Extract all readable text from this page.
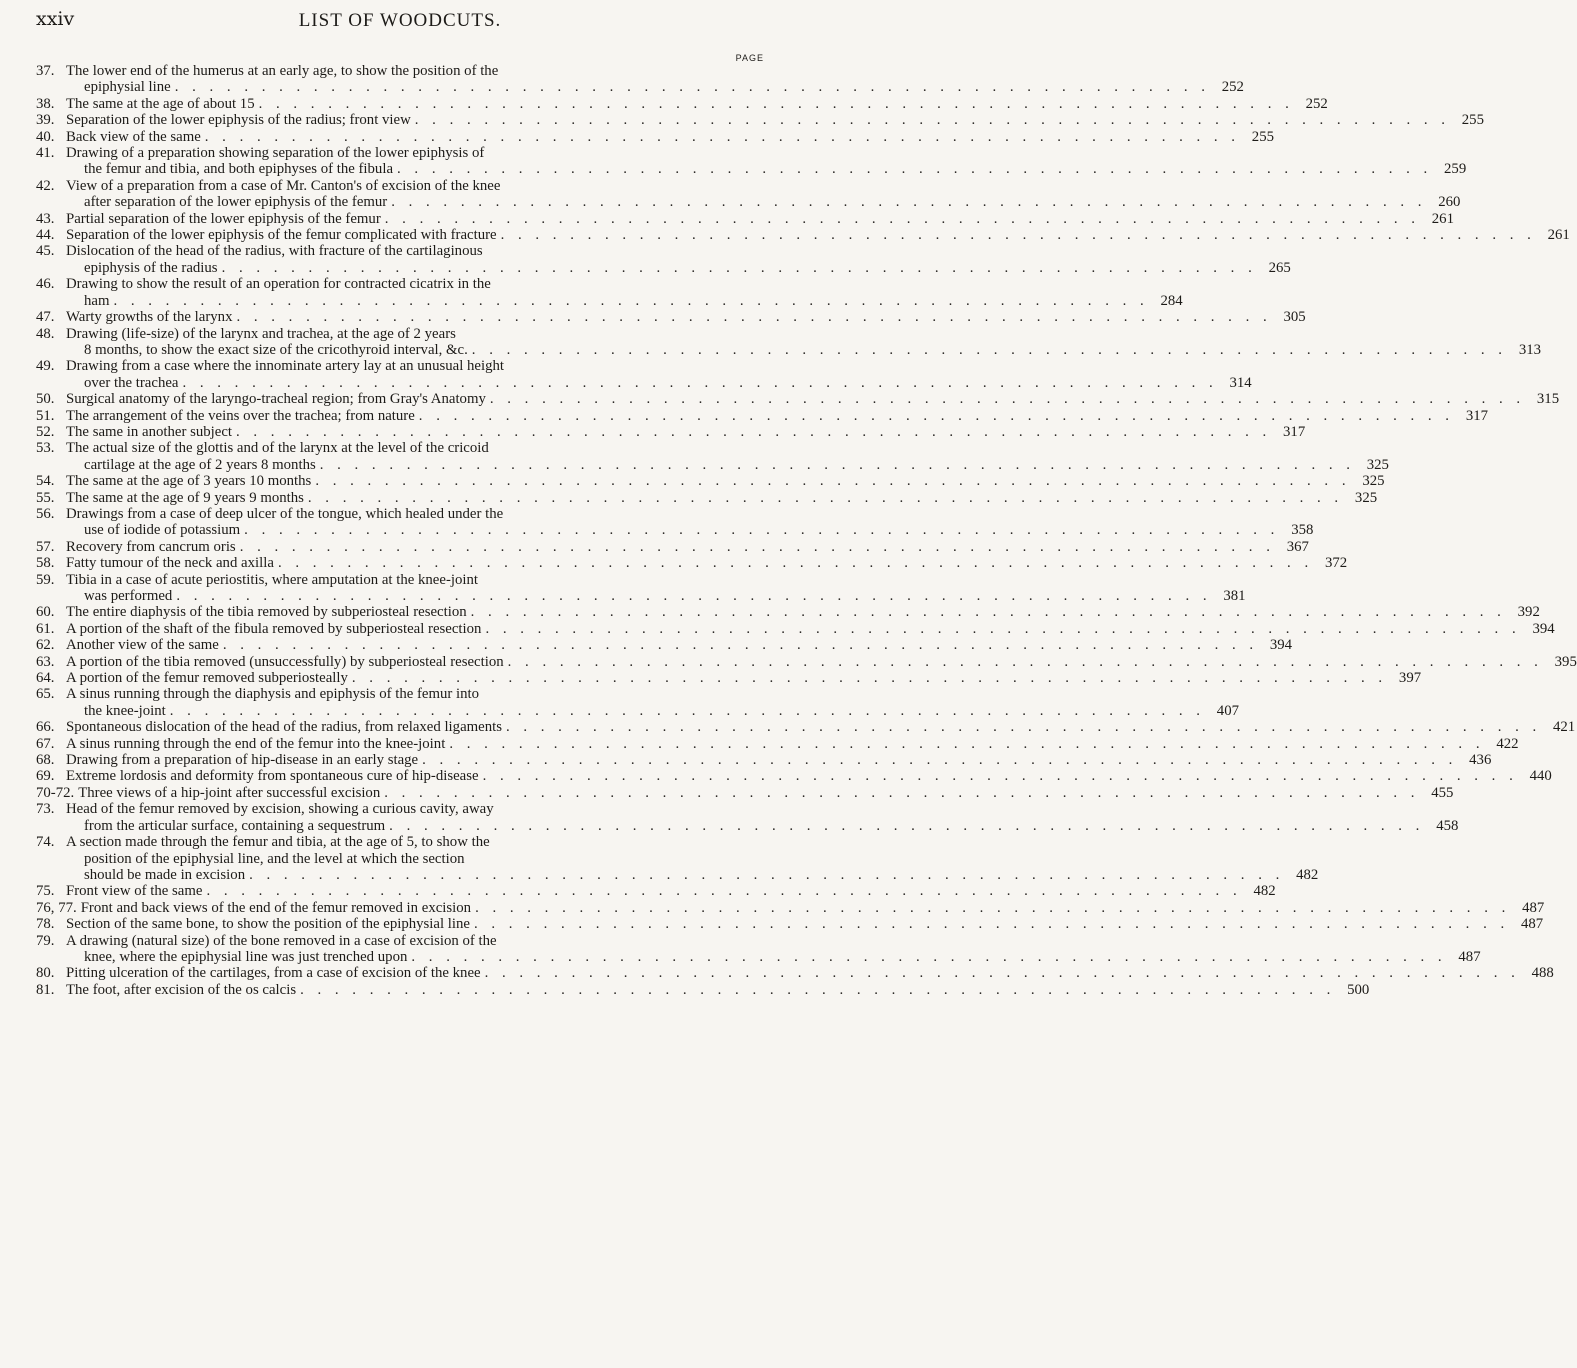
xxiv	LIST OF WOODCUTS.
PAGE
37. The lower end of the humerus at an early age, to show the position of the
epiphysial line . . . . . . . . . . . . . . . . . . . . . . . . . . . . . . . . . . . . . . . . . . . . . . . . . . . . . . . . . . . . 252
38. The same at the age of about 15 . . . . . . . . . . . . . . . . . . . . . . . . . . . . . . . . . . . . . . . . . . . . . . . . . . . . . . . . . . . . 252
39. Separation of the lower epiphysis of the radius; front view . . . . . . . . . . . . . . . . . . . . . . . . . . . . . . . . . . . . . . . . . . . . . . . . . . . . . . . . . . . . 255
40. Back view of the same . . . . . . . . . . . . . . . . . . . . . . . . . . . . . . . . . . . . . . . . . . . . . . . . . . . . . . . . . . . . 255
41. Drawing of a preparation showing separation of the lower epiphysis of
the femur and tibia, and both epiphyses of the fibula . . . . . . . . . . . . . . . . . . . . . . . . . . . . . . . . . . . . . . . . . . . . . . . . . . . . . . . . . . . . 259
42. View of a preparation from a case of Mr. Canton's of excision of the knee
after separation of the lower epiphysis of the femur . . . . . . . . . . . . . . . . . . . . . . . . . . . . . . . . . . . . . . . . . . . . . . . . . . . . . . . . . . . . 260
43. Partial separation of the lower epiphysis of the femur . . . . . . . . . . . . . . . . . . . . . . . . . . . . . . . . . . . . . . . . . . . . . . . . . . . . . . . . . . . . 261
44. Separation of the lower epiphysis of the femur complicated with fracture . . . . . . . . . . . . . . . . . . . . . . . . . . . . . . . . . . . . . . . . . . . . . . . . . . . . . . . . . . . . 261
45. Dislocation of the head of the radius, with fracture of the cartilaginous
epiphysis of the radius . . . . . . . . . . . . . . . . . . . . . . . . . . . . . . . . . . . . . . . . . . . . . . . . . . . . . . . . . . . . 265
46. Drawing to show the result of an operation for contracted cicatrix in the
ham . . . . . . . . . . . . . . . . . . . . . . . . . . . . . . . . . . . . . . . . . . . . . . . . . . . . . . . . . . . . 284
47. Warty growths of the larynx . . . . . . . . . . . . . . . . . . . . . . . . . . . . . . . . . . . . . . . . . . . . . . . . . . . . . . . . . . . . 305
48. Drawing (life-size) of the larynx and trachea, at the age of 2 years
8 months, to show the exact size of the cricothyroid interval, &c. . . . . . . . . . . . . . . . . . . . . . . . . . . . . . . . . . . . . . . . . . . . . . . . . . . . . . . . . . . . . 313
49. Drawing from a case where the innominate artery lay at an unusual height
over the trachea . . . . . . . . . . . . . . . . . . . . . . . . . . . . . . . . . . . . . . . . . . . . . . . . . . . . . . . . . . . . 314
50. Surgical anatomy of the laryngo-tracheal region; from Gray's Anatomy . . . . . . . . . . . . . . . . . . . . . . . . . . . . . . . . . . . . . . . . . . . . . . . . . . . . . . . . . . . . 315
51. The arrangement of the veins over the trachea; from nature . . . . . . . . . . . . . . . . . . . . . . . . . . . . . . . . . . . . . . . . . . . . . . . . . . . . . . . . . . . . 317
52. The same in another subject . . . . . . . . . . . . . . . . . . . . . . . . . . . . . . . . . . . . . . . . . . . . . . . . . . . . . . . . . . . . 317
53. The actual size of the glottis and of the larynx at the level of the cricoid
cartilage at the age of 2 years 8 months . . . . . . . . . . . . . . . . . . . . . . . . . . . . . . . . . . . . . . . . . . . . . . . . . . . . . . . . . . . . 325
54. The same at the age of 3 years 10 months . . . . . . . . . . . . . . . . . . . . . . . . . . . . . . . . . . . . . . . . . . . . . . . . . . . . . . . . . . . . 325
55. The same at the age of 9 years 9 months . . . . . . . . . . . . . . . . . . . . . . . . . . . . . . . . . . . . . . . . . . . . . . . . . . . . . . . . . . . . 325
56. Drawings from a case of deep ulcer of the tongue, which healed under the
use of iodide of potassium . . . . . . . . . . . . . . . . . . . . . . . . . . . . . . . . . . . . . . . . . . . . . . . . . . . . . . . . . . . . 358
57. Recovery from cancrum oris . . . . . . . . . . . . . . . . . . . . . . . . . . . . . . . . . . . . . . . . . . . . . . . . . . . . . . . . . . . . 367
58. Fatty tumour of the neck and axilla . . . . . . . . . . . . . . . . . . . . . . . . . . . . . . . . . . . . . . . . . . . . . . . . . . . . . . . . . . . . 372
59. Tibia in a case of acute periostitis, where amputation at the knee-joint
was performed . . . . . . . . . . . . . . . . . . . . . . . . . . . . . . . . . . . . . . . . . . . . . . . . . . . . . . . . . . . . 381
60. The entire diaphysis of the tibia removed by subperiosteal resection . . . . . . . . . . . . . . . . . . . . . . . . . . . . . . . . . . . . . . . . . . . . . . . . . . . . . . . . . . . . 392
61. A portion of the shaft of the fibula removed by subperiosteal resection . . . . . . . . . . . . . . . . . . . . . . . . . . . . . . . . . . . . . . . . . . . . . . . . . . . . . . . . . . . . 394
62. Another view of the same . . . . . . . . . . . . . . . . . . . . . . . . . . . . . . . . . . . . . . . . . . . . . . . . . . . . . . . . . . . . 394
63. A portion of the tibia removed (unsuccessfully) by subperiosteal resection . . . . . . . . . . . . . . . . . . . . . . . . . . . . . . . . . . . . . . . . . . . . . . . . . . . . . . . . . . . . 395
64. A portion of the femur removed subperiosteally . . . . . . . . . . . . . . . . . . . . . . . . . . . . . . . . . . . . . . . . . . . . . . . . . . . . . . . . . . . . 397
65. A sinus running through the diaphysis and epiphysis of the femur into
the knee-joint . . . . . . . . . . . . . . . . . . . . . . . . . . . . . . . . . . . . . . . . . . . . . . . . . . . . . . . . . . . . 407
66. Spontaneous dislocation of the head of the radius, from relaxed ligaments . . . . . . . . . . . . . . . . . . . . . . . . . . . . . . . . . . . . . . . . . . . . . . . . . . . . . . . . . . . . 421
67. A sinus running through the end of the femur into the knee-joint . . . . . . . . . . . . . . . . . . . . . . . . . . . . . . . . . . . . . . . . . . . . . . . . . . . . . . . . . . . . 422
68. Drawing from a preparation of hip-disease in an early stage . . . . . . . . . . . . . . . . . . . . . . . . . . . . . . . . . . . . . . . . . . . . . . . . . . . . . . . . . . . . 436
69. Extreme lordosis and deformity from spontaneous cure of hip-disease . . . . . . . . . . . . . . . . . . . . . . . . . . . . . . . . . . . . . . . . . . . . . . . . . . . . . . . . . . . . 440
70-72. Three views of a hip-joint after successful excision . . . . . . . . . . . . . . . . . . . . . . . . . . . . . . . . . . . . . . . . . . . . . . . . . . . . . . . . . . . . 455
73. Head of the femur removed by excision, showing a curious cavity, away
from the articular surface, containing a sequestrum . . . . . . . . . . . . . . . . . . . . . . . . . . . . . . . . . . . . . . . . . . . . . . . . . . . . . . . . . . . . 458
74. A section made through the femur and tibia, at the age of 5, to show the
position of the epiphysial line, and the level at which the section
should be made in excision . . . . . . . . . . . . . . . . . . . . . . . . . . . . . . . . . . . . . . . . . . . . . . . . . . . . . . . . . . . . 482
75. Front view of the same . . . . . . . . . . . . . . . . . . . . . . . . . . . . . . . . . . . . . . . . . . . . . . . . . . . . . . . . . . . . 482
76, 77. Front and back views of the end of the femur removed in excision . . . . . . . . . . . . . . . . . . . . . . . . . . . . . . . . . . . . . . . . . . . . . . . . . . . . . . . . . . . . 487
78. Section of the same bone, to show the position of the epiphysial line . . . . . . . . . . . . . . . . . . . . . . . . . . . . . . . . . . . . . . . . . . . . . . . . . . . . . . . . . . . . 487
79. A drawing (natural size) of the bone removed in a case of excision of the
knee, where the epiphysial line was just trenched upon . . . . . . . . . . . . . . . . . . . . . . . . . . . . . . . . . . . . . . . . . . . . . . . . . . . . . . . . . . . . 487
80. Pitting ulceration of the cartilages, from a case of excision of the knee . . . . . . . . . . . . . . . . . . . . . . . . . . . . . . . . . . . . . . . . . . . . . . . . . . . . . . . . . . . . 488
81. The foot, after excision of the os calcis . . . . . . . . . . . . . . . . . . . . . . . . . . . . . . . . . . . . . . . . . . . . . . . . . . . . . . . . . . . . 500
